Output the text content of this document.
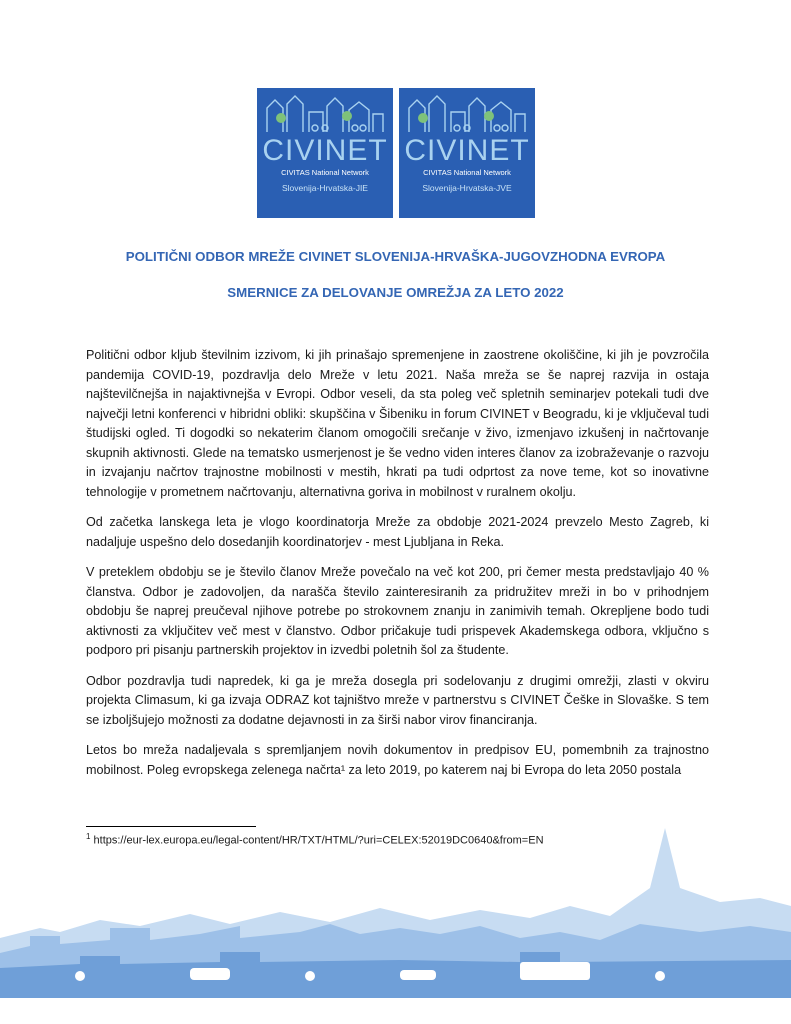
CIVINET
CIVITAS National Network
Slovenija-Hrvatska-JIE
CIVINET
CIVITAS National Network
Slovenija-Hrvatska-JVE
POLITIČNI ODBOR MREŽE CIVINET SLOVENIJA-HRVAŠKA-JUGOVZHODNA EVROPA
SMERNICE ZA DELOVANJE OMREŽJA ZA LETO 2022

Politični odbor kljub številnim izzivom, ki jih prinašajo spremenjene in zaostrene okoliščine, ki jih je povzročila pandemija COVID-19, pozdravlja delo Mreže v letu 2021. Naša mreža se še naprej razvija in ostaja najštevilčnejša in najaktivnejša v Evropi. Odbor veseli, da sta poleg več spletnih seminarjev potekali tudi dve največji letni konferenci v hibridni obliki: skupščina v Šibeniku in forum CIVINET v Beogradu, ki je vključeval tudi študijski ogled. Ti dogodki so nekaterim članom omogočili srečanje v živo, izmenjavo izkušenj in načrtovanje skupnih aktivnosti. Glede na tematsko usmerjenost je še vedno viden interes članov za izobraževanje o razvoju in izvajanju načrtov trajnostne mobilnosti v mestih, hkrati pa tudi odprtost za nove teme, kot so inovativne tehnologije v prometnem načrtovanju, alternativna goriva in mobilnost v ruralnem okolju.

Od začetka lanskega leta je vlogo koordinatorja Mreže za obdobje 2021-2024 prevzelo Mesto Zagreb, ki nadaljuje uspešno delo dosedanjih koordinatorjev - mest Ljubljana in Reka.

V preteklem obdobju se je število članov Mreže povečalo na več kot 200, pri čemer mesta predstavljajo 40 % članstva. Odbor je zadovoljen, da narašča število zainteresiranih za pridružitev mreži in bo v prihodnjem obdobju še naprej preučeval njihove potrebe po strokovnem znanju in zanimivih temah. Okrepljene bodo tudi aktivnosti za vključitev več mest v članstvo. Odbor pričakuje tudi prispevek Akademskega odbora, vključno s podporo pri pisanju partnerskih projektov in izvedbi poletnih šol za študente.

Odbor pozdravlja tudi napredek, ki ga je mreža dosegla pri sodelovanju z drugimi omrežji, zlasti v okviru projekta Climasum, ki ga izvaja ODRAZ kot tajništvo mreže v partnerstvu s CIVINET Češke in Slovaške. S tem se izboljšujejo možnosti za dodatne dejavnosti in za širši nabor virov financiranja.

Letos bo mreža nadaljevala s spremljanjem novih dokumentov in predpisov EU, pomembnih za trajnostno mobilnost. Poleg evropskega zelenega načrta¹ za leto 2019, po katerem naj bi Evropa do leta 2050 postala

$^1$ https://eur-lex.europa.eu/legal-content/HR/TXT/HTML/?uri=CELEX:52019DC0640&from=EN
